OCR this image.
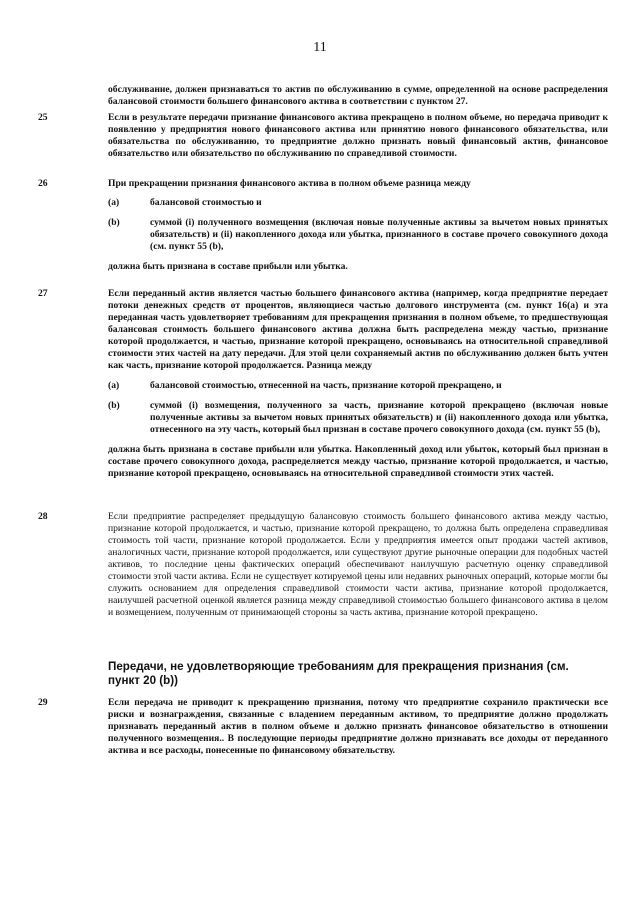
11
обслуживание, должен признаваться то актив по обслуживанию в сумме, определенной на основе распределения балансовой стоимости большего финансового актива в соответствии с пунктом 27.
25	Если в результате передачи признание финансового актива прекращено в полном объеме, но передача приводит к появлению у предприятия нового финансового актива или принятию нового финансового обязательства, или обязательства по обслуживанию, то предприятие должно признать новый финансовый актив, финансовое обязательство или обязательство по обслуживанию по справедливой стоимости.
26	При прекращении признания финансового актива в полном объеме разница между
(a)	балансовой стоимостью и
(b)	суммой (i) полученного возмещения (включая новые полученные активы за вычетом новых принятых обязательств) и (ii) накопленного дохода или убытка, признанного в составе прочего совокупного дохода (см. пункт 55 (b),
должна быть признана в составе прибыли или убытка.
27	Если переданный актив является частью большего финансового актива (например, когда предприятие передает потоки денежных средств от процентов, являющиеся частью долгового инструмента (см. пункт 16(a) и эта переданная часть удовлетворяет требованиям для прекращения признания в полном объеме, то предшествующая балансовая стоимость большего финансового актива должна быть распределена между частью, признание которой продолжается, и частью, признание которой прекращено, основываясь на относительной справедливой стоимости этих частей на дату передачи. Для этой цели сохраняемый актив по обслуживанию должен быть учтен как часть, признание которой продолжается. Разница между
(a)	балансовой стоимостью, отнесенной на часть, признание которой прекращено, и
(b)	суммой (i) возмещения, полученного за часть, признание которой прекращено (включая новые полученные активы за вычетом новых принятых обязательств) и (ii) накопленного дохода или убытка, отнесенного на эту часть, который был признан в составе прочего совокупного дохода (см. пункт 55 (b),
должна быть признана в составе прибыли или убытка. Накопленный доход или убыток, который был признан в составе прочего совокупного дохода, распределяется между частью, признание которой продолжается, и частью, признание которой прекращено, основываясь на относительной справедливой стоимости этих частей.
28	Если предприятие распределяет предыдущую балансовую стоимость большего финансового актива между частью, признание которой продолжается, и частью, признание которой прекращено, то должна быть определена справедливая стоимость той части, признание которой продолжается. Если у предприятия имеется опыт продажи частей активов, аналогичных части, признание которой продолжается, или существуют другие рыночные операции для подобных частей активов, то последние цены фактических операций обеспечивают наилучшую расчетную оценку справедливой стоимости этой части актива. Если не существует котируемой цены или недавних рыночных операций, которые могли бы служить основанием для определения справедливой стоимости части актива, признание которой продолжается, наилучшей расчетной оценкой является разница между справедливой стоимостью большего финансового актива в целом и возмещением, полученным от принимающей стороны за часть актива, признание которой прекращено.
Передачи, не удовлетворяющие требованиям для прекращения признания (см. пункт 20 (b))
29	Если передача не приводит к прекращению признания, потому что предприятие сохранило практически все риски и вознаграждения, связанные с владением переданным активом, то предприятие должно продолжать признавать переданный актив в полном объеме и должно признать финансовое обязательство в отношении полученного возмещения.. В последующие периоды предприятие должно признавать все доходы от переданного актива и все расходы, понесенные по финансовому обязательству.
